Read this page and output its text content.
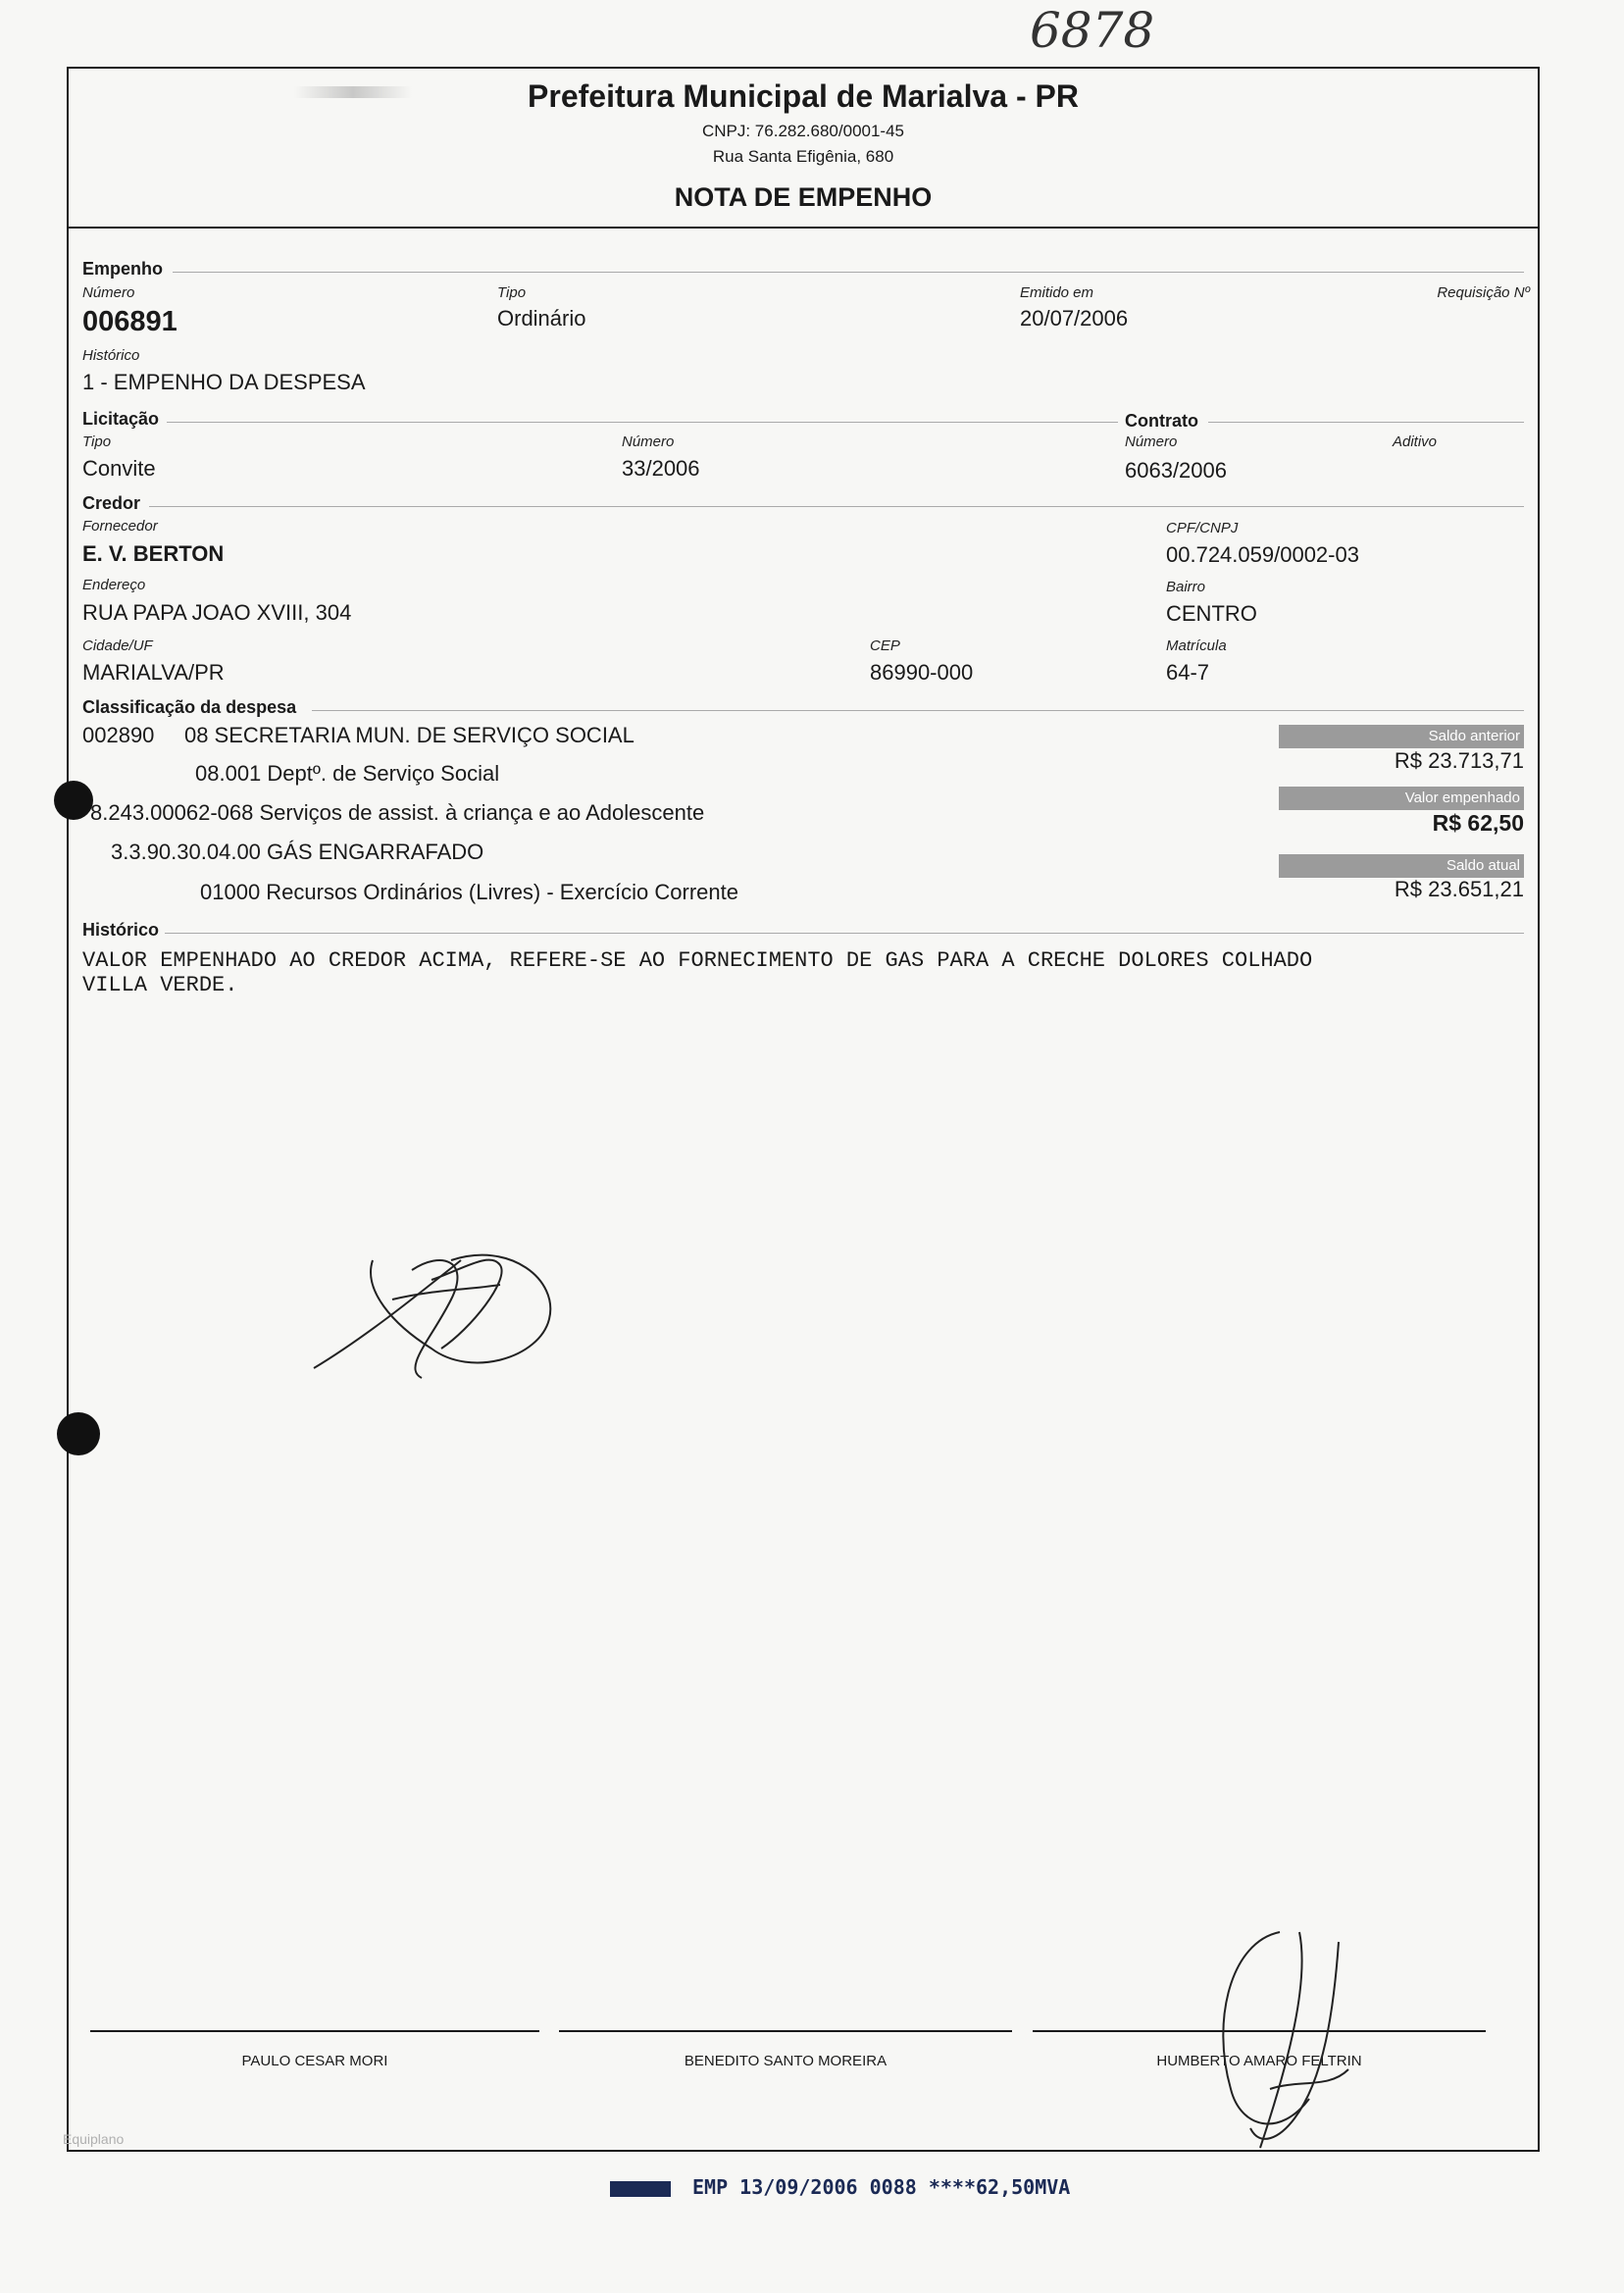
6878
Prefeitura Municipal de Marialva - PR
CNPJ: 76.282.680/0001-45
Rua Santa Efigênia, 680
NOTA DE EMPENHO
Empenho
Número
006891
Tipo
Ordinário
Emitido em
20/07/2006
Requisição Nº
Histórico
1 - EMPENHO DA DESPESA
Licitação	Contrato
Tipo
Convite
Número
33/2006
Número
6063/2006
Aditivo
Credor
Fornecedor
E. V. BERTON
CPF/CNPJ
00.724.059/0002-03
Endereço
RUA PAPA JOAO XVIII, 304
Bairro
CENTRO
Cidade/UF
MARIALVA/PR
CEP
86990-000
Matrícula
64-7
Classificação da despesa
002890     08 SECRETARIA MUN. DE SERVIÇO SOCIAL
08.001 Deptº. de Serviço Social
8.243.00062-068 Serviços de assist. à criança e ao Adolescente
3.3.90.30.04.00 GÁS ENGARRAFADO
01000 Recursos Ordinários (Livres) - Exercício Corrente
Saldo anterior
R$ 23.713,71
Valor empenhado
R$ 62,50
Saldo atual
R$ 23.651,21
Histórico
VALOR EMPENHADO AO CREDOR ACIMA, REFERE-SE AO FORNECIMENTO DE GAS PARA A CRECHE DOLORES COLHADO
VILLA VERDE.
PAULO CESAR MORI	BENEDITO SANTO MOREIRA	HUMBERTO AMARO FELTRIN
Equiplano
EMP 13/09/2006 0088 ****62,50MVA
